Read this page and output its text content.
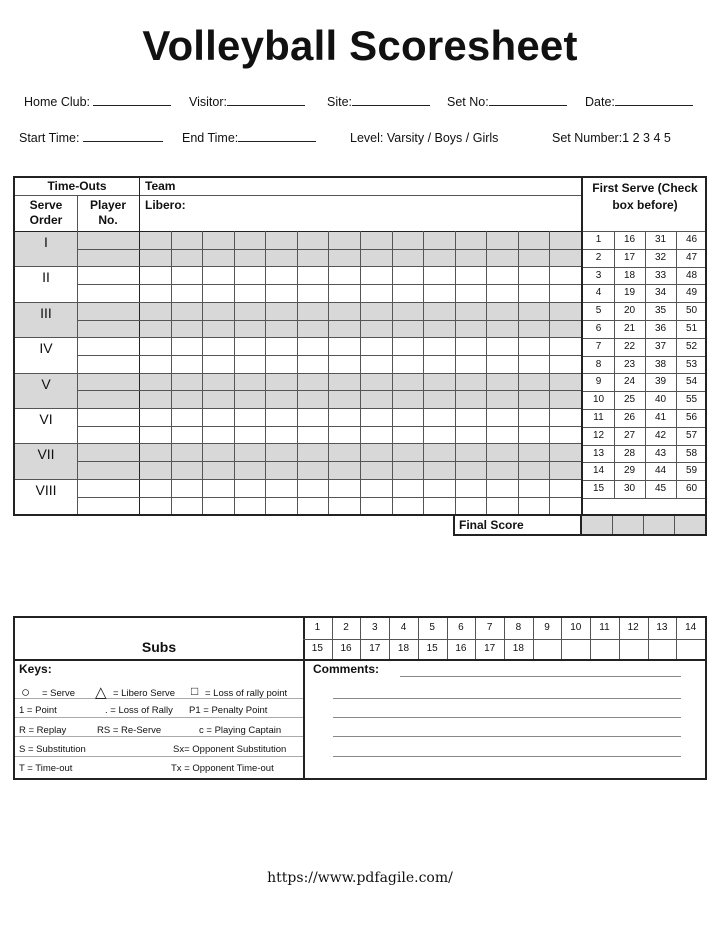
Volleyball Scoresheet
Home Club:	Visitor:	Site:	Set No:	Date:
Start Time:	End Time:	Level: Varsity / Boys / Girls	Set Number:1 2 3 4 5
I
II
III
IV
V
VI
VII
VIII
1	16	31	46
2	17	32	47
3	18	33	48
4	19	34	49
5	20	35	50
6	21	36	51
7	22	37	52
8	23	38	53
9	24	39	54
10	25	40	55
11	26	41	56
12	27	42	57
13	28	43	58
14	29	44	59
15	30	45	60
Time-Outs	Team
Serve Order
Player No.
Libero:
First Serve (Check box before)
Final Score
1	2	3	4	5	6	7	8	9	10	11	12	13	14
15	16	17	18	15	16	17	18
Subs
Keys:	Comments:
○ = Serve △ = Libero Serve □ = Loss of rally point
1 = Point	. = Loss of Rally P1 = Penalty Point
R = Replay	RS = Re-Serve	c = Playing Captain
S = Substitution	Sx= Opponent Substitution
T = Time-out	Tx = Opponent Time-out
https://www.pdfagile.com/
